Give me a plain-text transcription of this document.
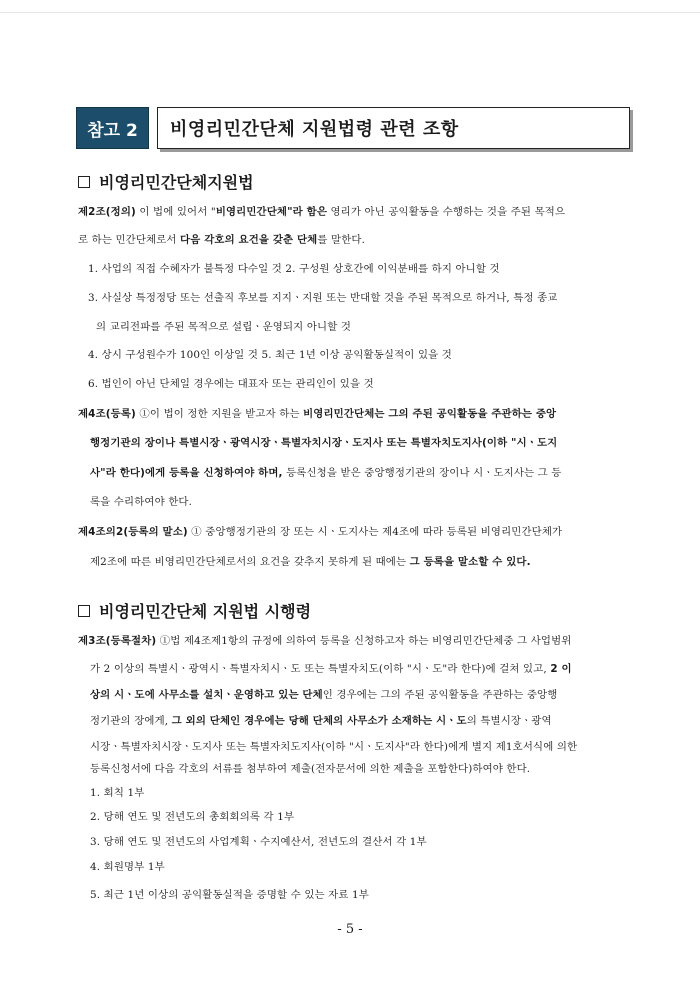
참고 2	비영리민간단체 지원법령 관련 조항
비영리민간단체지원법
비영리민간단체 지원법 시행령
제2조(정의) 이 법에 있어서 "비영리민간단체"라 함은 영리가 아닌 공익활동을 수행하는 것을 주된 목적으
로 하는 민간단체로서 다음 각호의 요건을 갖춘 단체를 말한다.
1. 사업의 직접 수혜자가 불특정 다수일 것 2. 구성원 상호간에 이익분배를 하지 아니할 것
3. 사실상 특정정당 또는 선출직 후보를 지지ㆍ지원 또는 반대할 것을 주된 목적으로 하거나, 특정 종교
의 교리전파를 주된 목적으로 설립ㆍ운영되지 아니할 것
4. 상시 구성원수가 100인 이상일 것 5. 최근 1년 이상 공익활동실적이 있을 것
6. 법인이 아닌 단체일 경우에는 대표자 또는 관리인이 있을 것
제4조(등록) ①이 법이 정한 지원을 받고자 하는 비영리민간단체는 그의 주된 공익활동을 주관하는 중앙
행정기관의 장이나 특별시장ㆍ광역시장ㆍ특별자치시장ㆍ도지사 또는 특별자치도지사(이하 "시ㆍ도지
사"라 한다)에게 등록을 신청하여야 하며, 등록신청을 받은 중앙행정기관의 장이나 시ㆍ도지사는 그 등
록을 수리하여야 한다.
제4조의2(등록의 말소) ① 중앙행정기관의 장 또는 시ㆍ도지사는 제4조에 따라 등록된 비영리민간단체가
제2조에 따른 비영리민간단체로서의 요건을 갖추지 못하게 된 때에는 그 등록을 말소할 수 있다.
제3조(등록절차) ①법 제4조제1항의 규정에 의하여 등록을 신청하고자 하는 비영리민간단체중 그 사업범위
가 2 이상의 특별시ㆍ광역시ㆍ특별자치시ㆍ도 또는 특별자치도(이하 "시ㆍ도"라 한다)에 걸쳐 있고, 2 이
상의 시ㆍ도에 사무소를 설치ㆍ운영하고 있는 단체인 경우에는 그의 주된 공익활동을 주관하는 중앙행
정기관의 장에게, 그 외의 단체인 경우에는 당해 단체의 사무소가 소재하는 시ㆍ도의 특별시장ㆍ광역
시장ㆍ특별자치시장ㆍ도지사 또는 특별자치도지사(이하 "시ㆍ도지사"라 한다)에게 별지 제1호서식에 의한
등록신청서에 다음 각호의 서류를 첨부하여 제출(전자문서에 의한 제출을 포함한다)하여야 한다.
1. 회칙 1부
2. 당해 연도 및 전년도의 총회회의록 각 1부
3. 당해 연도 및 전년도의 사업계획ㆍ수지예산서, 전년도의 결산서 각 1부
4. 회원명부 1부
5. 최근 1년 이상의 공익활동실적을 증명할 수 있는 자료 1부
- 5 -
